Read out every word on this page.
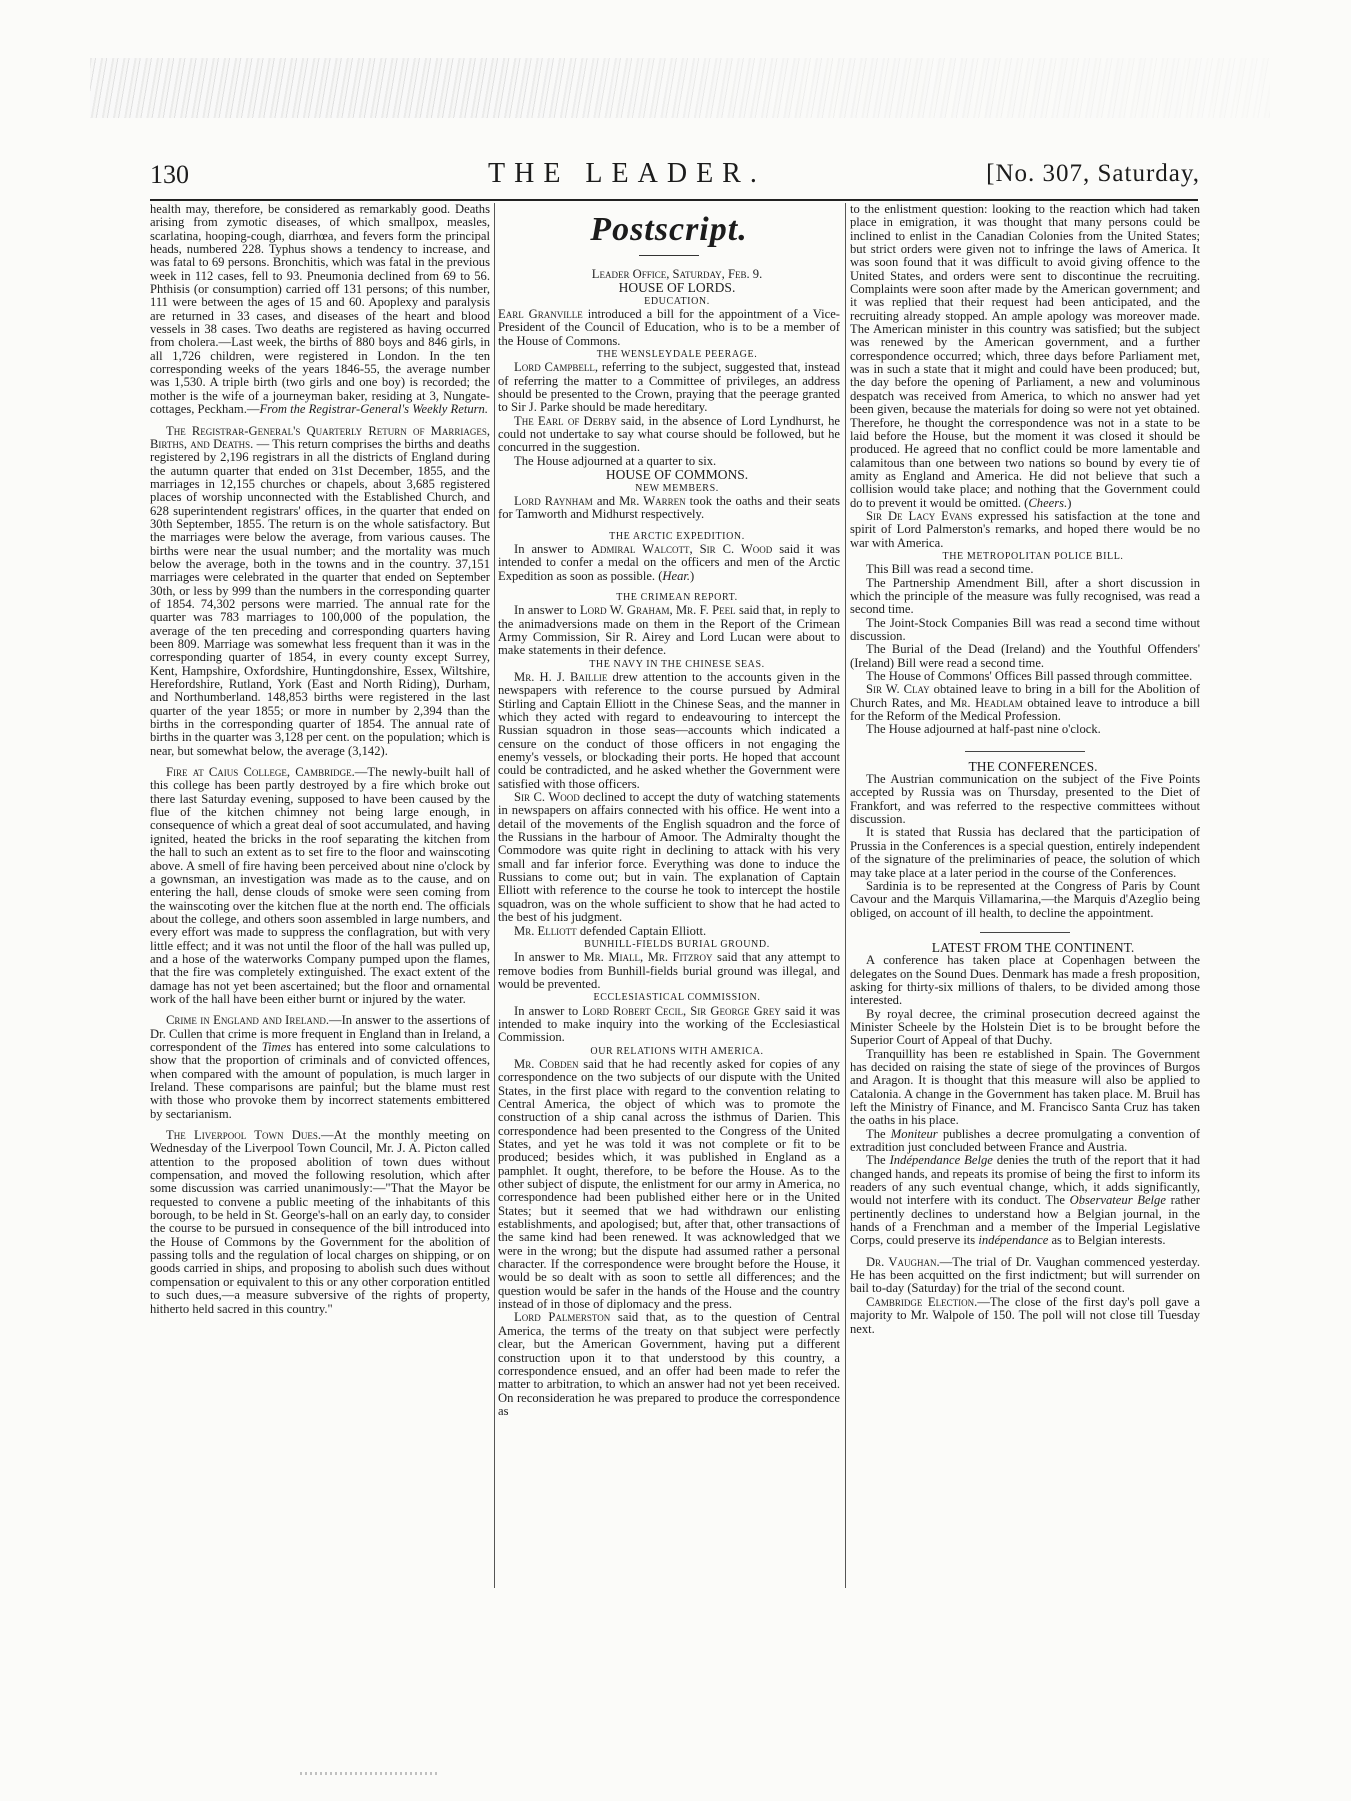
130	THE LEADER.	[No. 307, Saturday,

health may, therefore, be considered as remarkably good. Deaths arising from zymotic diseases, of which smallpox, measles, scarlatina, hooping-cough, diarrhœa, and fevers form the principal heads, numbered 228. Typhus shows a tendency to increase, and was fatal to 69 persons. Bronchitis, which was fatal in the previous week in 112 cases, fell to 93. Pneumonia declined from 69 to 56. Phthisis (or consumption) carried off 131 persons; of this number, 111 were between the ages of 15 and 60. Apoplexy and paralysis are returned in 33 cases, and diseases of the heart and blood vessels in 38 cases. Two deaths are registered as having occurred from cholera.—Last week, the births of 880 boys and 846 girls, in all 1,726 children, were registered in London. In the ten corresponding weeks of the years 1846-55, the average number was 1,530. A triple birth (two girls and one boy) is recorded; the mother is the wife of a journeyman baker, residing at 3, Nungate-cottages, Peckham.—From the Registrar-General's Weekly Return.

The Registrar-General's Quarterly Return of Marriages, Births, and Deaths. — This return comprises the births and deaths registered by 2,196 registrars in all the districts of England during the autumn quarter that ended on 31st December, 1855, and the marriages in 12,155 churches or chapels, about 3,685 registered places of worship unconnected with the Established Church, and 628 superintendent registrars' offices, in the quarter that ended on 30th September, 1855. The return is on the whole satisfactory. But the marriages were below the average, from various causes. The births were near the usual number; and the mortality was much below the average, both in the towns and in the country. 37,151 marriages were celebrated in the quarter that ended on September 30th, or less by 999 than the numbers in the corresponding quarter of 1854. 74,302 persons were married. The annual rate for the quarter was 783 marriages to 100,000 of the population, the average of the ten preceding and corresponding quarters having been 809. Marriage was somewhat less frequent than it was in the corresponding quarter of 1854, in every county except Surrey, Kent, Hampshire, Oxfordshire, Huntingdonshire, Essex, Wiltshire, Herefordshire, Rutland, York (East and North Riding), Durham, and Northumberland. 148,853 births were registered in the last quarter of the year 1855; or more in number by 2,394 than the births in the corresponding quarter of 1854. The annual rate of births in the quarter was 3,128 per cent. on the population; which is near, but somewhat below, the average (3,142).

Fire at Caius College, Cambridge.—The newly-built hall of this college has been partly destroyed by a fire which broke out there last Saturday evening, supposed to have been caused by the flue of the kitchen chimney not being large enough, in consequence of which a great deal of soot accumulated, and having ignited, heated the bricks in the roof separating the kitchen from the hall to such an extent as to set fire to the floor and wainscoting above. A smell of fire having been perceived about nine o'clock by a gownsman, an investigation was made as to the cause, and on entering the hall, dense clouds of smoke were seen coming from the wainscoting over the kitchen flue at the north end. The officials about the college, and others soon assembled in large numbers, and every effort was made to suppress the conflagration, but with very little effect; and it was not until the floor of the hall was pulled up, and a hose of the waterworks Company pumped upon the flames, that the fire was completely extinguished. The exact extent of the damage has not yet been ascertained; but the floor and ornamental work of the hall have been either burnt or injured by the water.

Crime in England and Ireland.—In answer to the assertions of Dr. Cullen that crime is more frequent in England than in Ireland, a correspondent of the Times has entered into some calculations to show that the proportion of criminals and of convicted offences, when compared with the amount of population, is much larger in Ireland. These comparisons are painful; but the blame must rest with those who provoke them by incorrect statements embittered by sectarianism.

The Liverpool Town Dues.—At the monthly meeting on Wednesday of the Liverpool Town Council, Mr. J. A. Picton called attention to the proposed abolition of town dues without compensation, and moved the following resolution, which after some discussion was carried unanimously:—"That the Mayor be requested to convene a public meeting of the inhabitants of this borough, to be held in St. George's-hall on an early day, to consider the course to be pursued in consequence of the bill introduced into the House of Commons by the Government for the abolition of passing tolls and the regulation of local charges on shipping, or on goods carried in ships, and proposing to abolish such dues without compensation or equivalent to this or any other corporation entitled to such dues,—a measure subversive of the rights of property, hitherto held sacred in this country."

Postscript.

Leader Office, Saturday, Feb. 9.

HOUSE OF LORDS.

EDUCATION.

Earl Granville introduced a bill for the appointment of a Vice-President of the Council of Education, who is to be a member of the House of Commons.

THE WENSLEYDALE PEERAGE.

Lord Campbell, referring to the subject, suggested that, instead of referring the matter to a Committee of privileges, an address should be presented to the Crown, praying that the peerage granted to Sir J. Parke should be made hereditary.

The Earl of Derby said, in the absence of Lord Lyndhurst, he could not undertake to say what course should be followed, but he concurred in the suggestion.

The House adjourned at a quarter to six.

HOUSE OF COMMONS.

NEW MEMBERS.

Lord Raynham and Mr. Warren took the oaths and their seats for Tamworth and Midhurst respectively.

THE ARCTIC EXPEDITION.

In answer to Admiral Walcott, Sir C. Wood said it was intended to confer a medal on the officers and men of the Arctic Expedition as soon as possible. (Hear.)

THE CRIMEAN REPORT.

In answer to Lord W. Graham, Mr. F. Peel said that, in reply to the animadversions made on them in the Report of the Crimean Army Commission, Sir R. Airey and Lord Lucan were about to make statements in their defence.

THE NAVY IN THE CHINESE SEAS.

Mr. H. J. Baillie drew attention to the accounts given in the newspapers with reference to the course pursued by Admiral Stirling and Captain Elliott in the Chinese Seas, and the manner in which they acted with regard to endeavouring to intercept the Russian squadron in those seas—accounts which indicated a censure on the conduct of those officers in not engaging the enemy's vessels, or blockading their ports. He hoped that account could be contradicted, and he asked whether the Government were satisfied with those officers.

Sir C. Wood declined to accept the duty of watching statements in newspapers on affairs connected with his office. He went into a detail of the movements of the English squadron and the force of the Russians in the harbour of Amoor. The Admiralty thought the Commodore was quite right in declining to attack with his very small and far inferior force. Everything was done to induce the Russians to come out; but in vain. The explanation of Captain Elliott with reference to the course he took to intercept the hostile squadron, was on the whole sufficient to show that he had acted to the best of his judgment.

Mr. Elliott defended Captain Elliott.

BUNHILL-FIELDS BURIAL GROUND.

In answer to Mr. Miall, Mr. Fitzroy said that any attempt to remove bodies from Bunhill-fields burial ground was illegal, and would be prevented.

ECCLESIASTICAL COMMISSION.

In answer to Lord Robert Cecil, Sir George Grey said it was intended to make inquiry into the working of the Ecclesiastical Commission.

OUR RELATIONS WITH AMERICA.

Mr. Cobden said that he had recently asked for copies of any correspondence on the two subjects of our dispute with the United States, in the first place with regard to the convention relating to Central America, the object of which was to promote the construction of a ship canal across the isthmus of Darien. This correspondence had been presented to the Congress of the United States, and yet he was told it was not complete or fit to be produced; besides which, it was published in England as a pamphlet. It ought, therefore, to be before the House. As to the other subject of dispute, the enlistment for our army in America, no correspondence had been published either here or in the United States; but it seemed that we had withdrawn our enlisting establishments, and apologised; but, after that, other transactions of the same kind had been renewed. It was acknowledged that we were in the wrong; but the dispute had assumed rather a personal character. If the correspondence were brought before the House, it would be so dealt with as soon to settle all differences; and the question would be safer in the hands of the House and the country instead of in those of diplomacy and the press.

Lord Palmerston said that, as to the question of Central America, the terms of the treaty on that subject were perfectly clear, but the American Government, having put a different construction upon it to that understood by this country, a correspondence ensued, and an offer had been made to refer the matter to arbitration, to which an answer had not yet been received. On reconsideration he was prepared to produce the correspondence as

to the enlistment question: looking to the reaction which had taken place in emigration, it was thought that many persons could be inclined to enlist in the Canadian Colonies from the United States; but strict orders were given not to infringe the laws of America. It was soon found that it was difficult to avoid giving offence to the United States, and orders were sent to discontinue the recruiting. Complaints were soon after made by the American government; and it was replied that their request had been anticipated, and the recruiting already stopped. An ample apology was moreover made. The American minister in this country was satisfied; but the subject was renewed by the American government, and a further correspondence occurred; which, three days before Parliament met, was in such a state that it might and could have been produced; but, the day before the opening of Parliament, a new and voluminous despatch was received from America, to which no answer had yet been given, because the materials for doing so were not yet obtained. Therefore, he thought the correspondence was not in a state to be laid before the House, but the moment it was closed it should be produced. He agreed that no conflict could be more lamentable and calamitous than one between two nations so bound by every tie of amity as England and America. He did not believe that such a collision would take place; and nothing that the Government could do to prevent it would be omitted. (Cheers.)

Sir De Lacy Evans expressed his satisfaction at the tone and spirit of Lord Palmerston's remarks, and hoped there would be no war with America.

THE METROPOLITAN POLICE BILL.

This Bill was read a second time.

The Partnership Amendment Bill, after a short discussion in which the principle of the measure was fully recognised, was read a second time.

The Joint-Stock Companies Bill was read a second time without discussion.

The Burial of the Dead (Ireland) and the Youthful Offenders' (Ireland) Bill were read a second time.

The House of Commons' Offices Bill passed through committee.

Sir W. Clay obtained leave to bring in a bill for the Abolition of Church Rates, and Mr. Headlam obtained leave to introduce a bill for the Reform of the Medical Profession.

The House adjourned at half-past nine o'clock.

THE CONFERENCES.

The Austrian communication on the subject of the Five Points accepted by Russia was on Thursday, presented to the Diet of Frankfort, and was referred to the respective committees without discussion.

It is stated that Russia has declared that the participation of Prussia in the Conferences is a special question, entirely independent of the signature of the preliminaries of peace, the solution of which may take place at a later period in the course of the Conferences.

Sardinia is to be represented at the Congress of Paris by Count Cavour and the Marquis Villamarina,—the Marquis d'Azeglio being obliged, on account of ill health, to decline the appointment.

LATEST FROM THE CONTINENT.

A conference has taken place at Copenhagen between the delegates on the Sound Dues. Denmark has made a fresh proposition, asking for thirty-six millions of thalers, to be divided among those interested.

By royal decree, the criminal prosecution decreed against the Minister Scheele by the Holstein Diet is to be brought before the Superior Court of Appeal of that Duchy.

Tranquillity has been re established in Spain. The Government has decided on raising the state of siege of the provinces of Burgos and Aragon. It is thought that this measure will also be applied to Catalonia. A change in the Government has taken place. M. Bruil has left the Ministry of Finance, and M. Francisco Santa Cruz has taken the oaths in his place.

The Moniteur publishes a decree promulgating a convention of extradition just concluded between France and Austria.

The Indépendance Belge denies the truth of the report that it had changed hands, and repeats its promise of being the first to inform its readers of any such eventual change, which, it adds significantly, would not interfere with its conduct. The Observateur Belge rather pertinently declines to understand how a Belgian journal, in the hands of a Frenchman and a member of the Imperial Legislative Corps, could preserve its indépendance as to Belgian interests.

Dr. Vaughan.—The trial of Dr. Vaughan commenced yesterday. He has been acquitted on the first indictment; but will surrender on bail to-day (Saturday) for the trial of the second count.

Cambridge Election.—The close of the first day's poll gave a majority to Mr. Walpole of 150. The poll will not close till Tuesday next.
